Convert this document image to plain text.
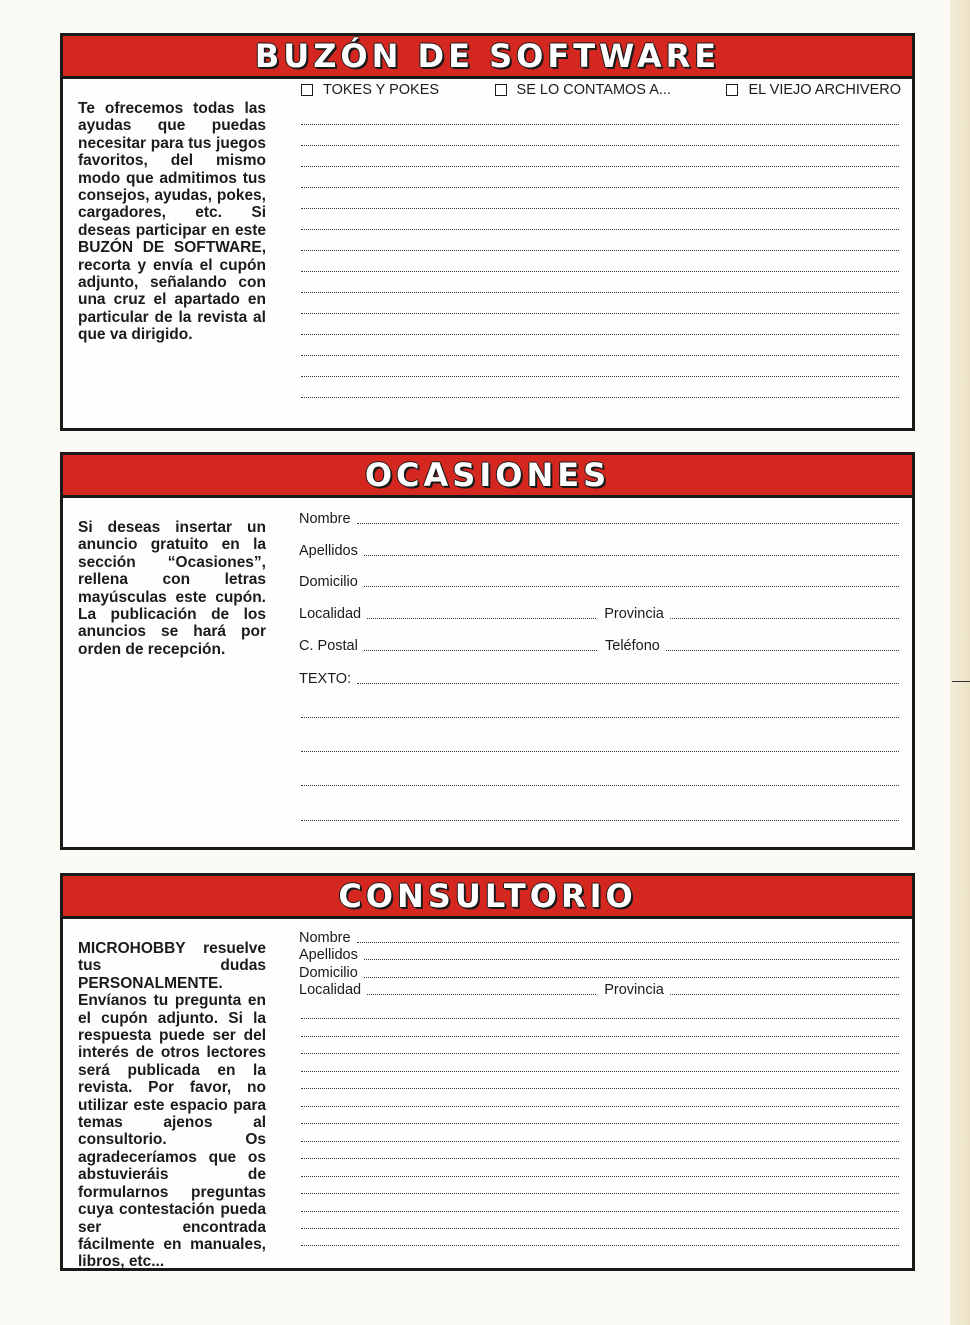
BUZÓN DE SOFTWARE

Te ofrecemos todas las ayudas que puedas necesitar para tus juegos favoritos, del mismo modo que admitimos tus consejos, ayudas, pokes, cargadores, etc. Si deseas participar en este BUZÓN DE SOFTWARE, recorta y envía el cupón adjunto, señalando con una cruz el apartado en particular de la revista al que va dirigido.

TOKES Y POKES	SE LO CONTAMOS A...	EL VIEJO ARCHIVERO
OCASIONES

Si deseas insertar un anuncio gratuito en la sección “Ocasiones”, rellena con letras mayúsculas este cupón. La publicación de los anuncios se hará por orden de recepción.

Nombre
Apellidos
Domicilio
Localidad	Provincia
C. Postal	Teléfono
TEXTO:
CONSULTORIO

MICROHOBBY resuelve tus dudas PERSONALMENTE. Envíanos tu pregunta en el cupón adjunto. Si la respuesta puede ser del interés de otros lectores será publicada en la revista. Por favor, no utilizar este espacio para temas ajenos al consultorio. Os agradeceríamos que os abstuvieráis de formularnos preguntas cuya contestación pueda ser encontrada fácilmente en manuales, libros, etc...

Nombre
Apellidos
Domicilio
Localidad	Provincia
